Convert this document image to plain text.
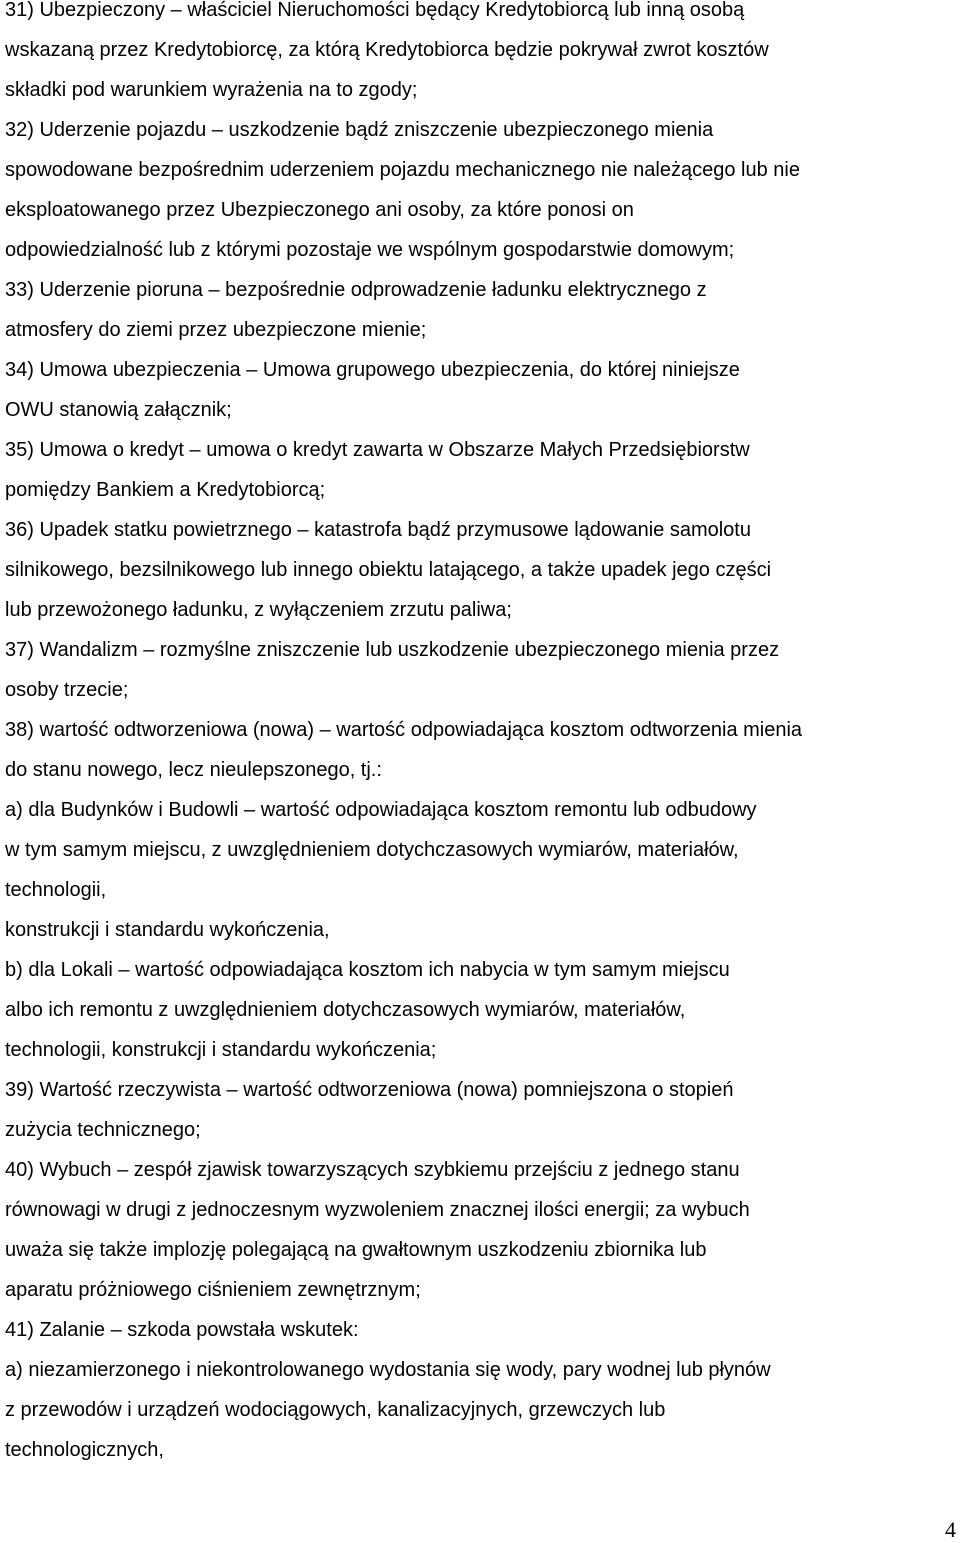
31) Ubezpieczony – właściciel Nieruchomości będący Kredytobiorcą lub inną osobą
wskazaną przez Kredytobiorcę, za którą Kredytobiorca będzie pokrywał zwrot kosztów
składki pod warunkiem wyrażenia na to zgody;
32) Uderzenie pojazdu – uszkodzenie bądź zniszczenie ubezpieczonego mienia
spowodowane bezpośrednim uderzeniem pojazdu mechanicznego nie należącego lub nie
eksploatowanego przez Ubezpieczonego ani osoby, za które ponosi on
odpowiedzialność lub z którymi pozostaje we wspólnym gospodarstwie domowym;
33) Uderzenie pioruna – bezpośrednie odprowadzenie ładunku elektrycznego z
atmosfery do ziemi przez ubezpieczone mienie;
34) Umowa ubezpieczenia – Umowa grupowego ubezpieczenia, do której niniejsze
OWU stanowią załącznik;
35) Umowa o kredyt – umowa o kredyt zawarta w Obszarze Małych Przedsiębiorstw
pomiędzy Bankiem a Kredytobiorcą;
36) Upadek statku powietrznego – katastrofa bądź przymusowe lądowanie samolotu
silnikowego, bezsilnikowego lub innego obiektu latającego, a także upadek jego części
lub przewożonego ładunku, z wyłączeniem zrzutu paliwa;
37) Wandalizm – rozmyślne zniszczenie lub uszkodzenie ubezpieczonego mienia przez
osoby trzecie;
38) wartość odtworzeniowa (nowa) – wartość odpowiadająca kosztom odtworzenia mienia
do stanu nowego, lecz nieulepszonego, tj.:
a) dla Budynków i Budowli – wartość odpowiadająca kosztom remontu lub odbudowy
w tym samym miejscu, z uwzględnieniem dotychczasowych wymiarów, materiałów,
technologii,
konstrukcji i standardu wykończenia,
b) dla Lokali – wartość odpowiadająca kosztom ich nabycia w tym samym miejscu
albo ich remontu z uwzględnieniem dotychczasowych wymiarów, materiałów,
technologii, konstrukcji i standardu wykończenia;
39) Wartość rzeczywista – wartość odtworzeniowa (nowa) pomniejszona o stopień
zużycia technicznego;
40) Wybuch – zespół zjawisk towarzyszących szybkiemu przejściu z jednego stanu
równowagi w drugi z jednoczesnym wyzwoleniem znacznej ilości energii; za wybuch
uważa się także implozję polegającą na gwałtownym uszkodzeniu zbiornika lub
aparatu próżniowego ciśnieniem zewnętrznym;
41) Zalanie – szkoda powstała wskutek:
a) niezamierzonego i niekontrolowanego wydostania się wody, pary wodnej lub płynów
z przewodów i urządzeń wodociągowych, kanalizacyjnych, grzewczych lub
technologicznych,
4
